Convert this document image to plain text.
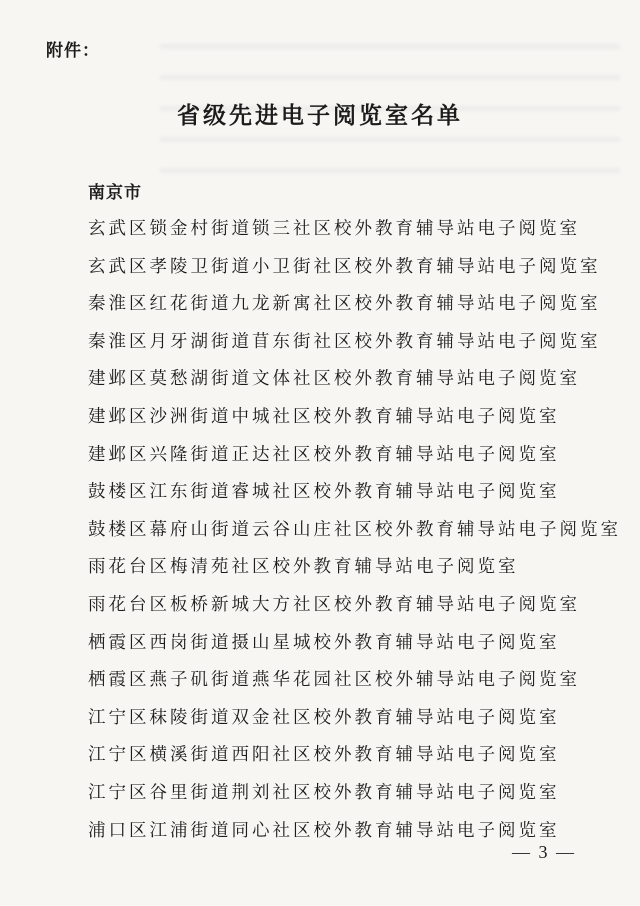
附件：

省级先进电子阅览室名单
南京市
玄武区锁金村街道锁三社区校外教育辅导站电子阅览室
玄武区孝陵卫街道小卫街社区校外教育辅导站电子阅览室
秦淮区红花街道九龙新寓社区校外教育辅导站电子阅览室
秦淮区月牙湖街道苜东街社区校外教育辅导站电子阅览室
建邺区莫愁湖街道文体社区校外教育辅导站电子阅览室
建邺区沙洲街道中城社区校外教育辅导站电子阅览室
建邺区兴隆街道正达社区校外教育辅导站电子阅览室
鼓楼区江东街道睿城社区校外教育辅导站电子阅览室
鼓楼区幕府山街道云谷山庄社区校外教育辅导站电子阅览室
雨花台区梅清苑社区校外教育辅导站电子阅览室
雨花台区板桥新城大方社区校外教育辅导站电子阅览室
栖霞区西岗街道摄山星城校外教育辅导站电子阅览室
栖霞区燕子矶街道燕华花园社区校外辅导站电子阅览室
江宁区秣陵街道双金社区校外教育辅导站电子阅览室
江宁区横溪街道西阳社区校外教育辅导站电子阅览室
江宁区谷里街道荆刘社区校外教育辅导站电子阅览室
浦口区江浦街道同心社区校外教育辅导站电子阅览室

— 3 —
